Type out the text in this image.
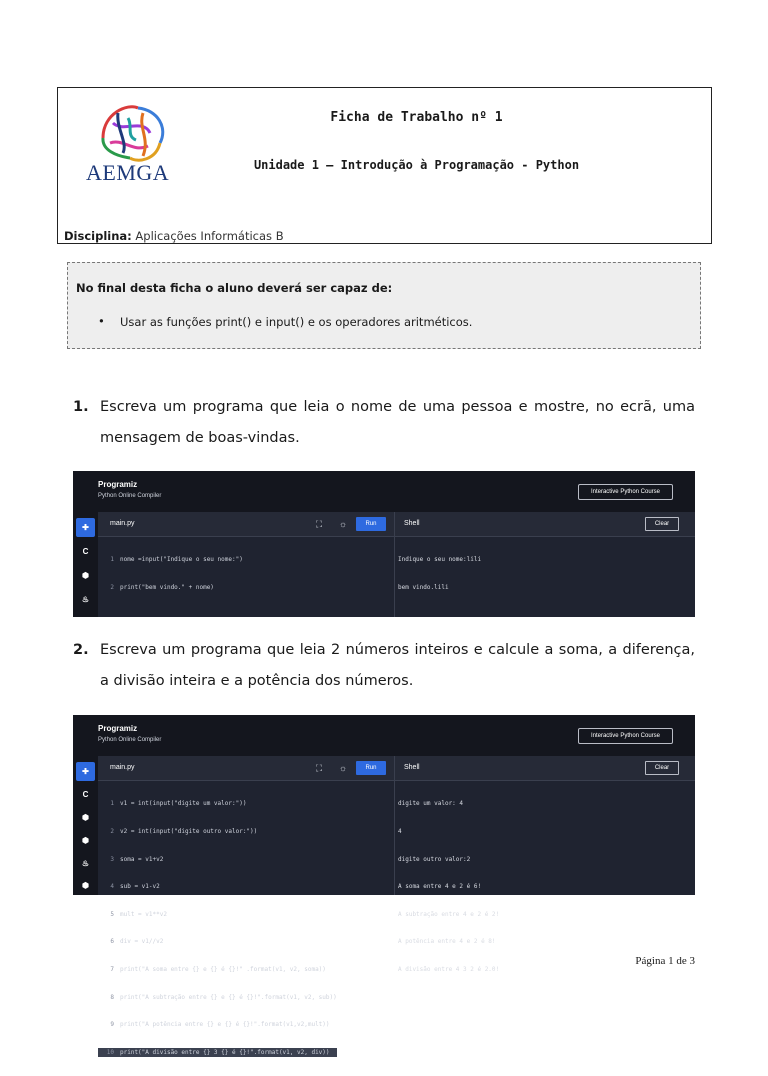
AEMGA
Ficha de Trabalho nº 1
Unidade 1 – Introdução à Programação - Python
Disciplina: Aplicações Informáticas B
No final desta ficha o aluno deverá ser capaz de:
• Usar as funções print() e input() e os operadores aritméticos.
1. Escreva um programa que leia o nome de uma pessoa e mostre, no ecrã, uma mensagem de boas-vindas.
Programiz
Python Online Compiler
Interactive Python Course
✚
C
⬢
♨
main.py	⛶	☼	Run	Shell	Clear

1 nome =input("Indique o seu nome:")

2 print("bem vindo." + nome)

Indique o seu nome:lili

bem vindo.lili

2. Escreva um programa que leia 2 números inteiros e calcule a soma, a diferença, a divisão inteira e a potência dos números.
Programiz
Python Online Compiler
Interactive Python Course
✚
C
⬢
⬢
♨
⬢
JS
main.py	⛶	☼	Run	Shell	Clear

1 v1 = int(input("digite um valor:"))

2 v2 = int(input("digite outro valor:"))

3 soma = v1+v2

4 sub = v1-v2

5 mult = v1**v2

6 div = v1//v2

7 print("A soma entre {} e {} é {}!" .format(v1, v2, soma))

8 print("A subtração entre {} e {} é {}!".format(v1, v2, sub))

9 print("A potência entre {} e {} é {}!".format(v1,v2,mult))

10 print("A divisão entre {} 3 {} é {}!".format(v1, v2, div))

digite um valor: 4

4

digite outro valor:2

A soma entre 4 e 2 é 6!

A subtração entre 4 e 2 é 2!

A potência entre 4 e 2 é 8!

A divisão entre 4 3 2 é 2.0!

Página 1 de 3
